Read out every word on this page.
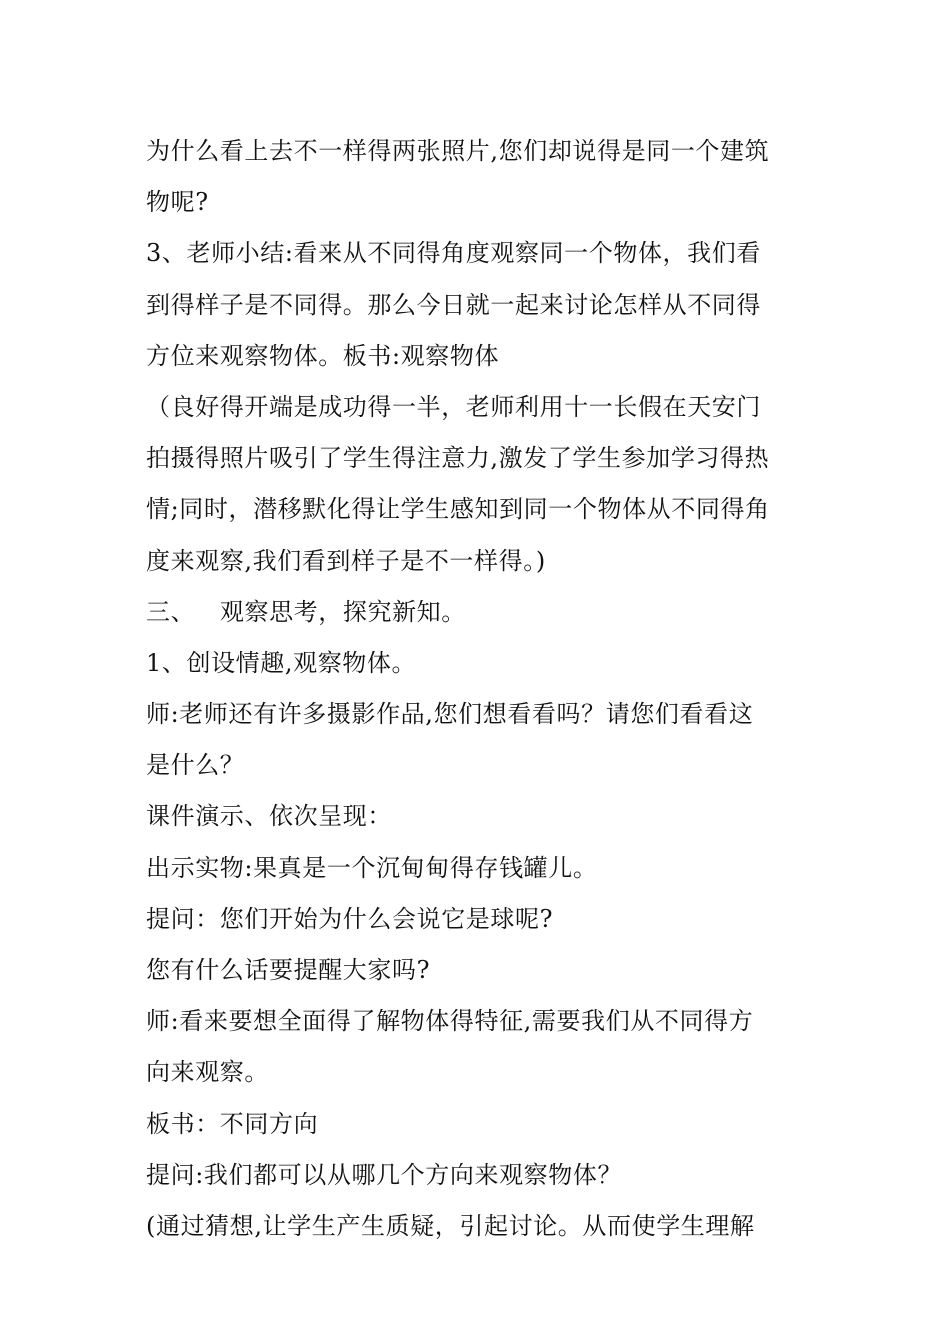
为什么看上去不一样得两张照片,您们却说得是同一个建筑
物呢?
3、老师小结:看来从不同得角度观察同一个物体，我们看
到得样子是不同得。那么今日就一起来讨论怎样从不同得
方位来观察物体。板书:观察物体
（良好得开端是成功得一半，老师利用十一长假在天安门
拍摄得照片吸引了学生得注意力,激发了学生参加学习得热
情;同时，潜移默化得让学生感知到同一个物体从不同得角
度来观察,我们看到样子是不一样得。)
三、   观察思考，探究新知。
1、创设情趣,观察物体。
师:老师还有许多摄影作品,您们想看看吗？请您们看看这
是什么？
课件演示、依次呈现：
出示实物:果真是一个沉甸甸得存钱罐儿。
提问：您们开始为什么会说它是球呢?
您有什么话要提醒大家吗?
师:看来要想全面得了解物体得特征,需要我们从不同得方
向来观察。
板书：不同方向
提问:我们都可以从哪几个方向来观察物体？
(通过猜想,让学生产生质疑，引起讨论。从而使学生理解
